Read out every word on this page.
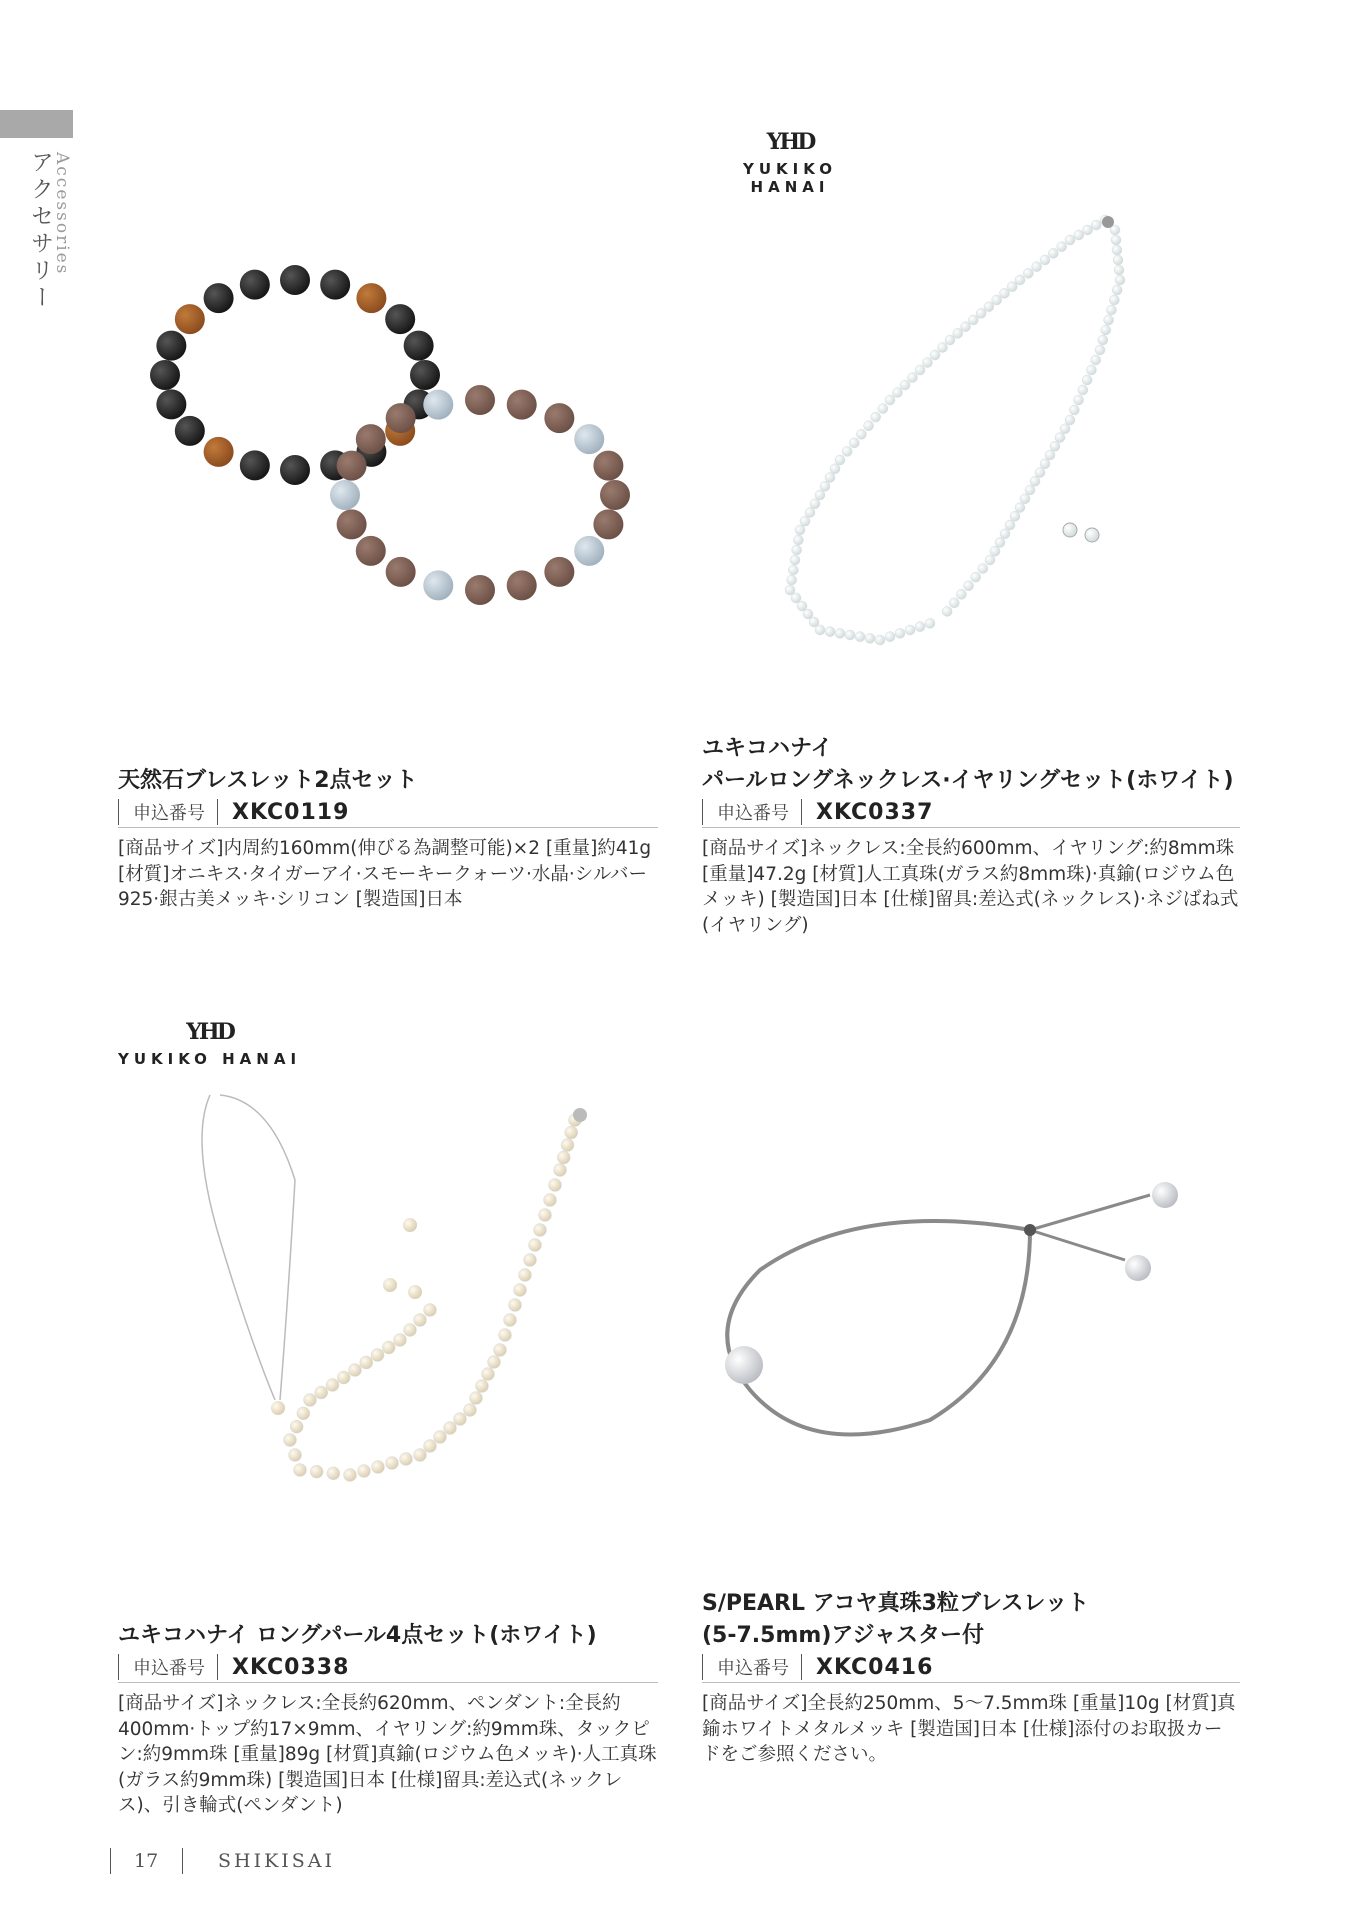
Accessories
アクセサリー
YHD
YUKIKO HANAI
YHD
YUKIKO HANAI
天然石ブレスレット2点セット
申込番号	XKC0119
[商品サイズ]内周約160mm(伸びる為調整可能)×2 [重量]約41g [材質]オニキス·タイガーアイ·スモーキークォーツ·水晶·シルバー925·銀古美メッキ·シリコン [製造国]日本
ユキコハナイ
パールロングネックレス·イヤリングセット(ホワイト)
申込番号	XKC0337
[商品サイズ]ネックレス:全長約600mm、イヤリング:約8mm珠 [重量]47.2g [材質]人工真珠(ガラス約8mm珠)·真鍮(ロジウム色メッキ) [製造国]日本 [仕様]留具:差込式(ネックレス)·ネジばね式(イヤリング)
ユキコハナイ ロングパール4点セット(ホワイト)
申込番号	XKC0338
[商品サイズ]ネックレス:全長約620mm、ペンダント:全長約400mm·トップ約17×9mm、イヤリング:約9mm珠、タックピン:約9mm珠 [重量]89g [材質]真鍮(ロジウム色メッキ)·人工真珠(ガラス約9mm珠) [製造国]日本 [仕様]留具:差込式(ネックレス)、引き輪式(ペンダント)
S/PEARL アコヤ真珠3粒ブレスレット
(5-7.5mm)アジャスター付
申込番号	XKC0416
[商品サイズ]全長約250mm、5～7.5mm珠 [重量]10g [材質]真鍮ホワイトメタルメッキ [製造国]日本 [仕様]添付のお取扱カードをご参照ください。
17	SHIKISAI
